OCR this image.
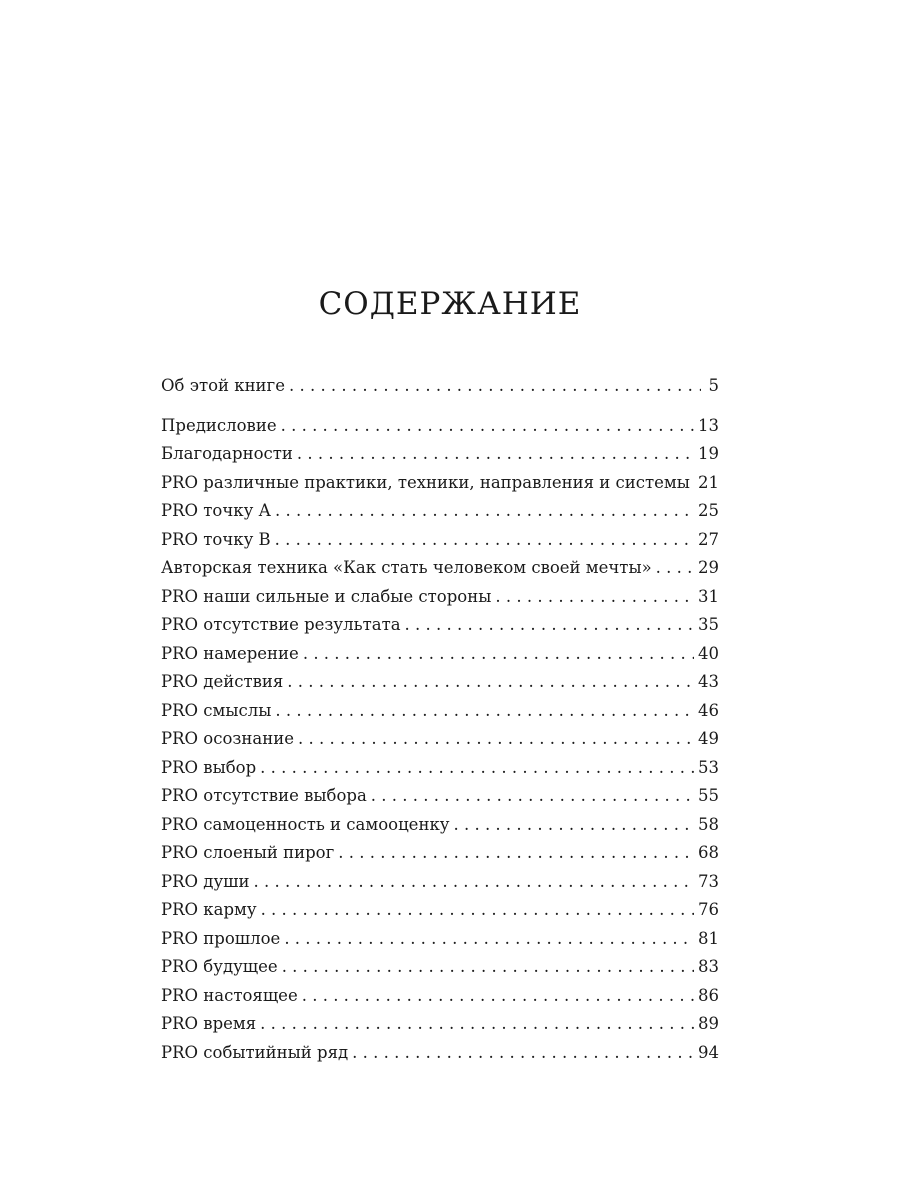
СОДЕРЖАНИЕ
Об этой книге . . .	5
Предисловие . . .	13
Благодарности . . .	19
PRO различные практики, техники, направления и системы . . . 21
PRO точку А . . .	25
PRO точку В . . .	27
Авторская техника «Как стать человеком своей мечты» . . .	29
PRO наши сильные и слабые стороны . . .	31
PRO отсутствие результата . . .	35
PRO намерение . . .	40
PRO действия . . .	43
PRO смыслы . . .	46
PRO осознание . . .	49
PRO выбор . . .	53
PRO отсутствие выбора . . .	55
PRO самоценность и самооценку . . .	58
PRO слоеный пирог . . .	68
PRO души . . .	73
PRO карму . . .	76
PRO прошлое . . .	81
PRO будущее . . .	83
PRO настоящее . . .	86
PRO время . . .	89
PRO событийный ряд . . .	94
